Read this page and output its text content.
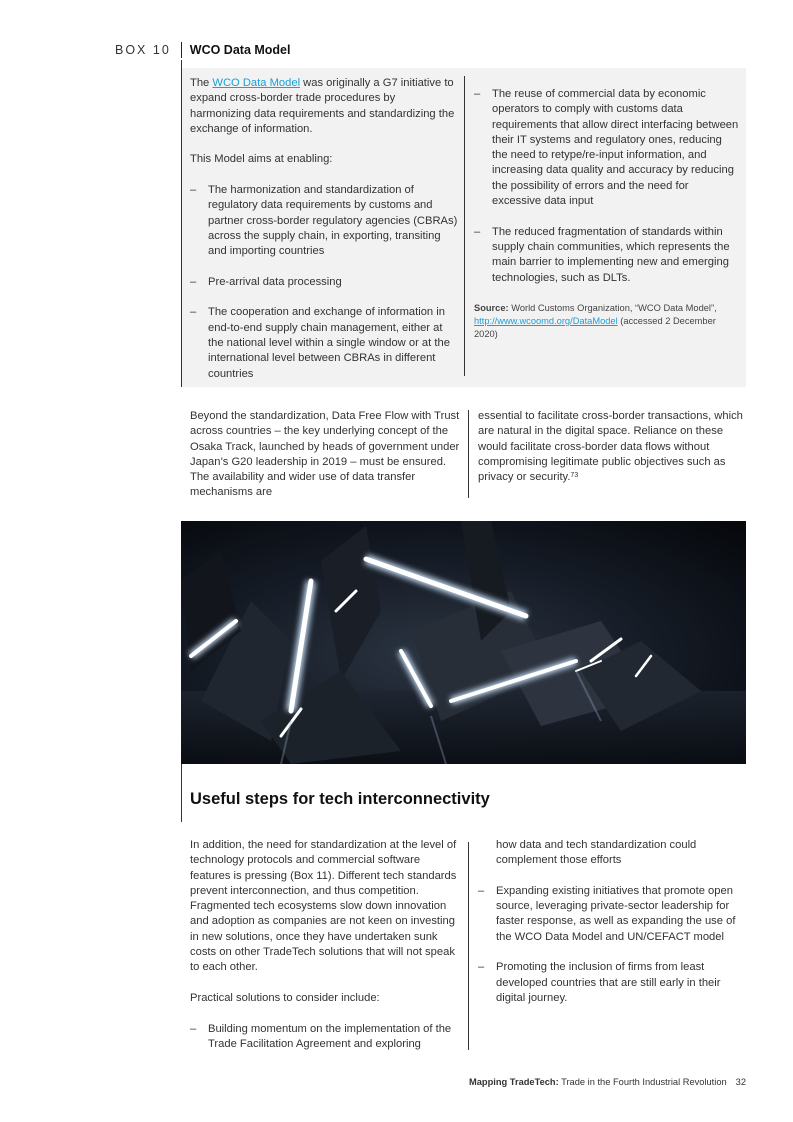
BOX 10 WCO Data Model

The WCO Data Model was originally a G7 initiative to expand cross-border trade procedures by harmonizing data requirements and standardizing the exchange of information.

This Model aims at enabling:

– The harmonization and standardization of regulatory data requirements by customs and partner cross-border regulatory agencies (CBRAs) across the supply chain, in exporting, transiting and importing countries
– Pre-arrival data processing
– The cooperation and exchange of information in end-to-end supply chain management, either at the national level within a single window or at the international level between CBRAs in different countries
– The reuse of commercial data by economic operators to comply with customs data requirements that allow direct interfacing between their IT systems and regulatory ones, reducing the need to retype/re-input information, and increasing data quality and accuracy by reducing the possibility of errors and the need for excessive data input
– The reduced fragmentation of standards within supply chain communities, which represents the main barrier to implementing new and emerging technologies, such as DLTs.
Source: World Customs Organization, “WCO Data Model”, http://www.wcoomd.org/DataModel (accessed 2 December 2020)
Beyond the standardization, Data Free Flow with Trust across countries – the key underlying concept of the Osaka Track, launched by heads of government under Japan’s G20 leadership in 2019 – must be ensured. The availability and wider use of data transfer mechanisms are
essential to facilitate cross-border transactions, which are natural in the digital space. Reliance on these would facilitate cross-border data flows without compromising legitimate public objectives such as privacy or security.$^{73}$
Useful steps for tech interconnectivity

In addition, the need for standardization at the level of technology protocols and commercial software features is pressing (Box 11). Different tech standards prevent interconnection, and thus competition. Fragmented tech ecosystems slow down innovation and adoption as companies are not keen on investing in new solutions, once they have undertaken sunk costs on other TradeTech solutions that will not speak to each other.

Practical solutions to consider include:

– Building momentum on the implementation of the Trade Facilitation Agreement and exploring

how data and tech standardization could complement those efforts

– Expanding existing initiatives that promote open source, leveraging private-sector leadership for faster response, as well as expanding the use of the WCO Data Model and UN/CEFACT model
– Promoting the inclusion of firms from least developed countries that are still early in their digital journey.
Mapping TradeTech: Trade in the Fourth Industrial Revolution 32
